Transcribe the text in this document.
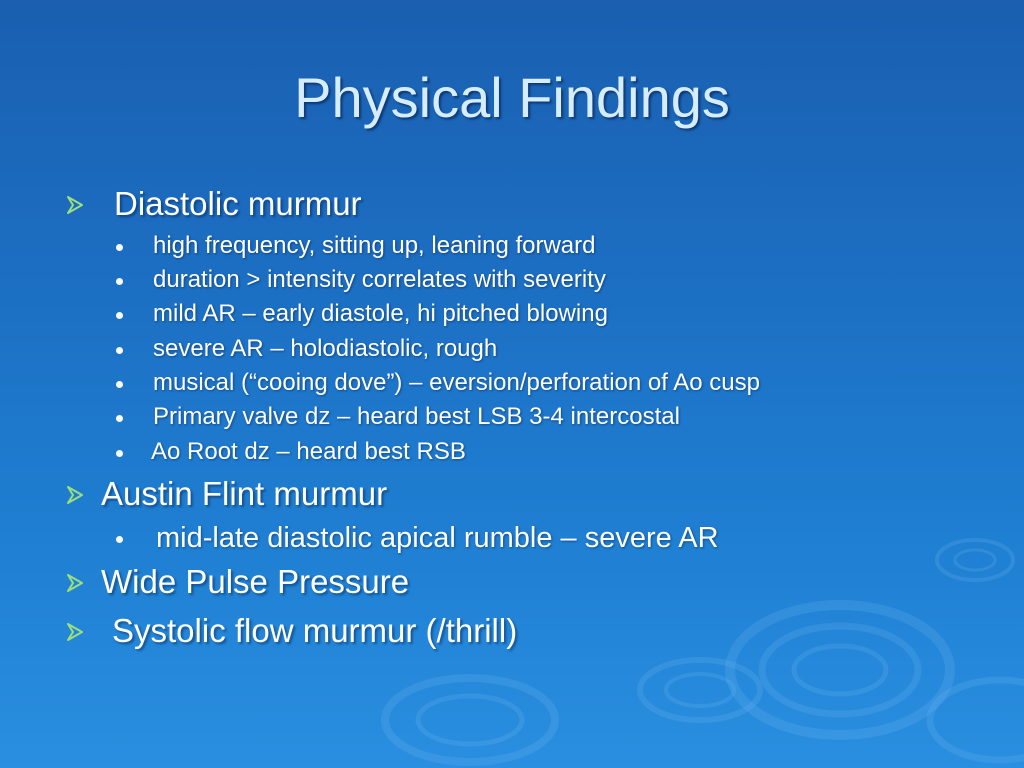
Physical Findings
Diastolic murmur
high frequency, sitting up, leaning forward
duration > intensity correlates with severity
mild AR – early diastole, hi pitched blowing
severe AR – holodiastolic, rough
musical (“cooing dove”) – eversion/perforation of Ao cusp
Primary valve dz – heard best LSB 3-4 intercostal
Ao Root dz – heard best RSB
Austin Flint murmur
mid-late diastolic apical rumble – severe AR
Wide Pulse Pressure
Systolic flow murmur (/thrill)
